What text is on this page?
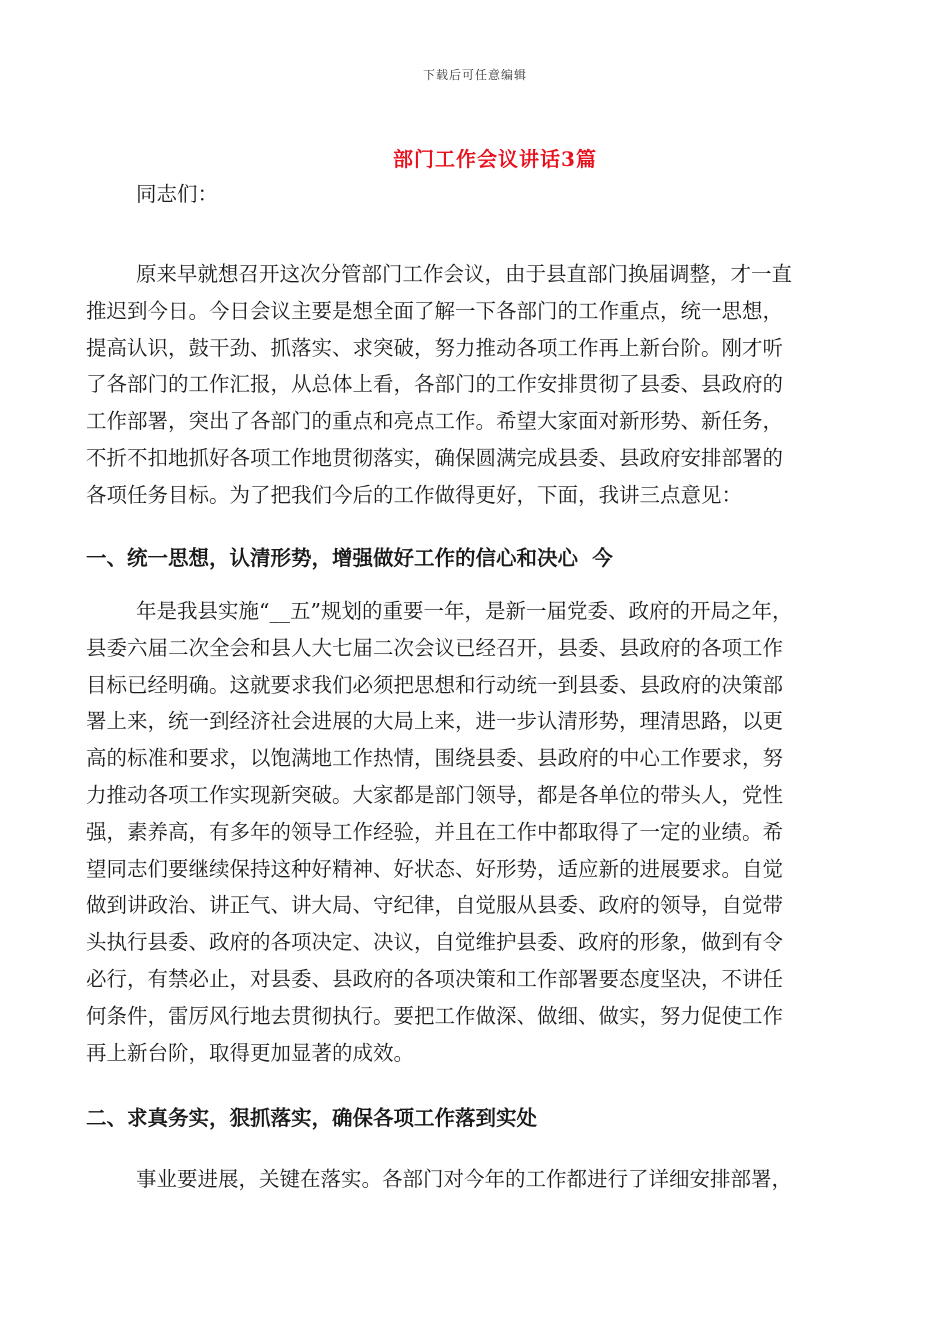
下载后可任意编辑
部门工作会议讲话3篇
同志们：
原来早就想召开这次分管部门工作会议，由于县直部门换届调整，才一直
推迟到今日。今日会议主要是想全面了解一下各部门的工作重点，统一思想，
提高认识，鼓干劲、抓落实、求突破，努力推动各项工作再上新台阶。刚才听
了各部门的工作汇报，从总体上看，各部门的工作安排贯彻了县委、县政府的
工作部署，突出了各部门的重点和亮点工作。希望大家面对新形势、新任务，
不折不扣地抓好各项工作地贯彻落实，确保圆满完成县委、县政府安排部署的
各项任务目标。为了把我们今后的工作做得更好，下面，我讲三点意见：
一、统一思想，认清形势，增强做好工作的信心和决心  今
年是我县实施“__五”规划的重要一年，是新一届党委、政府的开局之年，
县委六届二次全会和县人大七届二次会议已经召开，县委、县政府的各项工作
目标已经明确。这就要求我们必须把思想和行动统一到县委、县政府的决策部
署上来，统一到经济社会进展的大局上来，进一步认清形势，理清思路，以更
高的标准和要求，以饱满地工作热情，围绕县委、县政府的中心工作要求，努
力推动各项工作实现新突破。大家都是部门领导，都是各单位的带头人，党性
强，素养高，有多年的领导工作经验，并且在工作中都取得了一定的业绩。希
望同志们要继续保持这种好精神、好状态、好形势，适应新的进展要求。自觉
做到讲政治、讲正气、讲大局、守纪律，自觉服从县委、政府的领导，自觉带
头执行县委、政府的各项决定、决议，自觉维护县委、政府的形象，做到有令
必行，有禁必止，对县委、县政府的各项决策和工作部署要态度坚决，不讲任
何条件，雷厉风行地去贯彻执行。要把工作做深、做细、做实，努力促使工作
再上新台阶，取得更加显著的成效。
二、求真务实，狠抓落实，确保各项工作落到实处
事业要进展，关键在落实。各部门对今年的工作都进行了详细安排部署，
